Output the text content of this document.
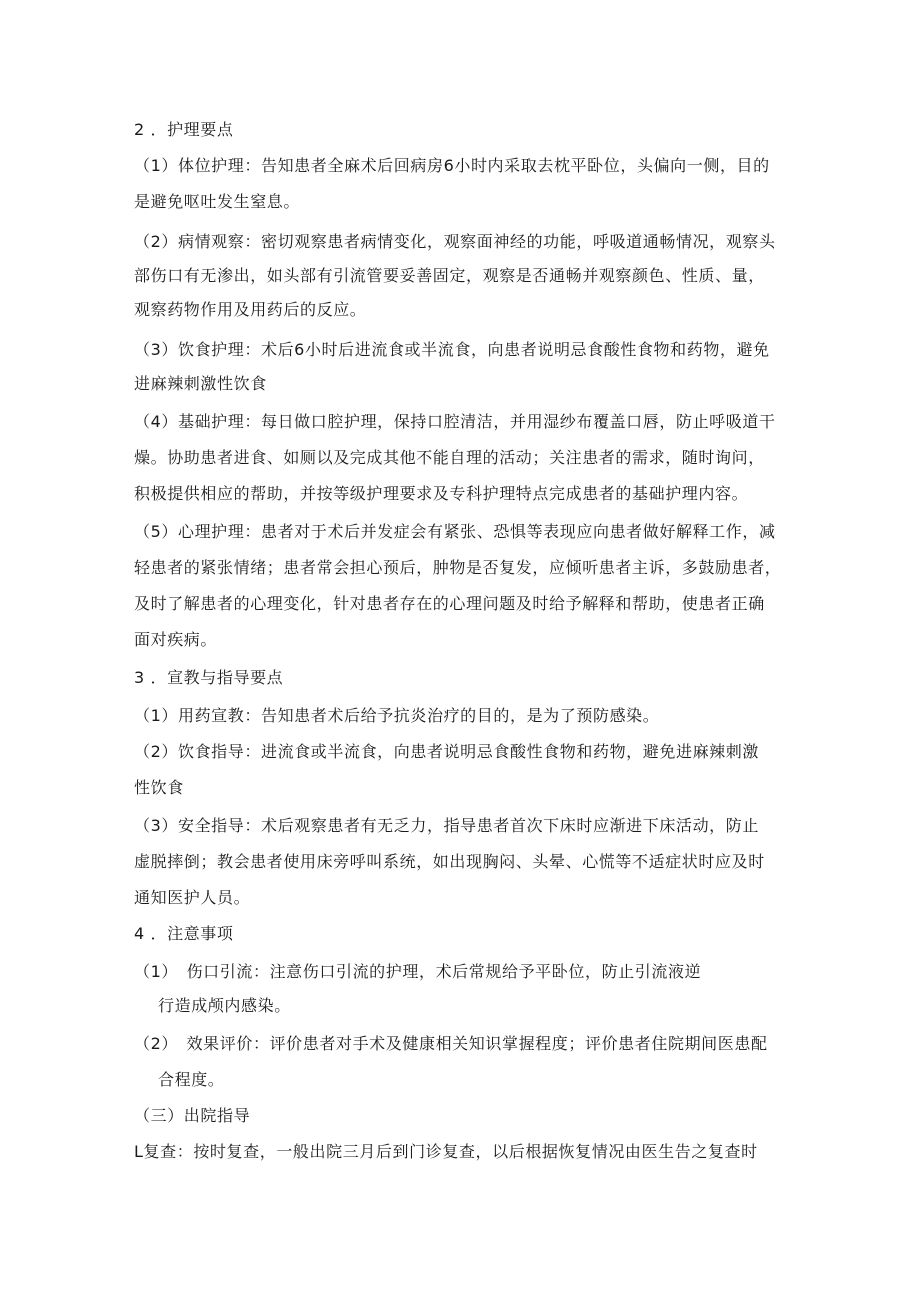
2 ．护理要点
（1）体位护理：告知患者全麻术后回病房6小时内采取去枕平卧位，头偏向一侧，目的
是避免呕吐发生窒息。
（2）病情观察：密切观察患者病情变化，观察面神经的功能，呼吸道通畅情况，观察头
部伤口有无渗出，如头部有引流管要妥善固定，观察是否通畅并观察颜色、性质、量，
观察药物作用及用药后的反应。
（3）饮食护理：术后6小时后进流食或半流食，向患者说明忌食酸性食物和药物，避免
进麻辣刺激性饮食
（4）基础护理：每日做口腔护理，保持口腔清洁，并用湿纱布覆盖口唇，防止呼吸道干
燥。协助患者进食、如厕以及完成其他不能自理的活动；关注患者的需求，随时询问，
积极提供相应的帮助，并按等级护理要求及专科护理特点完成患者的基础护理内容。
（5）心理护理：患者对于术后并发症会有紧张、恐惧等表现应向患者做好解释工作，减
轻患者的紧张情绪；患者常会担心预后，肿物是否复发，应倾听患者主诉，多鼓励患者，
及时了解患者的心理变化，针对患者存在的心理问题及时给予解释和帮助，使患者正确
面对疾病。
3 ．宣教与指导要点
（1）用药宣教：告知患者术后给予抗炎治疗的目的，是为了预防感染。
（2）饮食指导：进流食或半流食，向患者说明忌食酸性食物和药物，避免进麻辣刺激
性饮食
（3）安全指导：术后观察患者有无乏力，指导患者首次下床时应渐进下床活动，防止
虚脱摔倒；教会患者使用床旁呼叫系统，如出现胸闷、头晕、心慌等不适症状时应及时
通知医护人员。
4 ．注意事项
（1）　伤口引流：注意伤口引流的护理，术后常规给予平卧位，防止引流液逆
行造成颅内感染。
（2）　效果评价：评价患者对手术及健康相关知识掌握程度；评价患者住院期间医患配
合程度。
（三）出院指导
L复查：按时复查，一般出院三月后到门诊复查，以后根据恢复情况由医生告之复查时
